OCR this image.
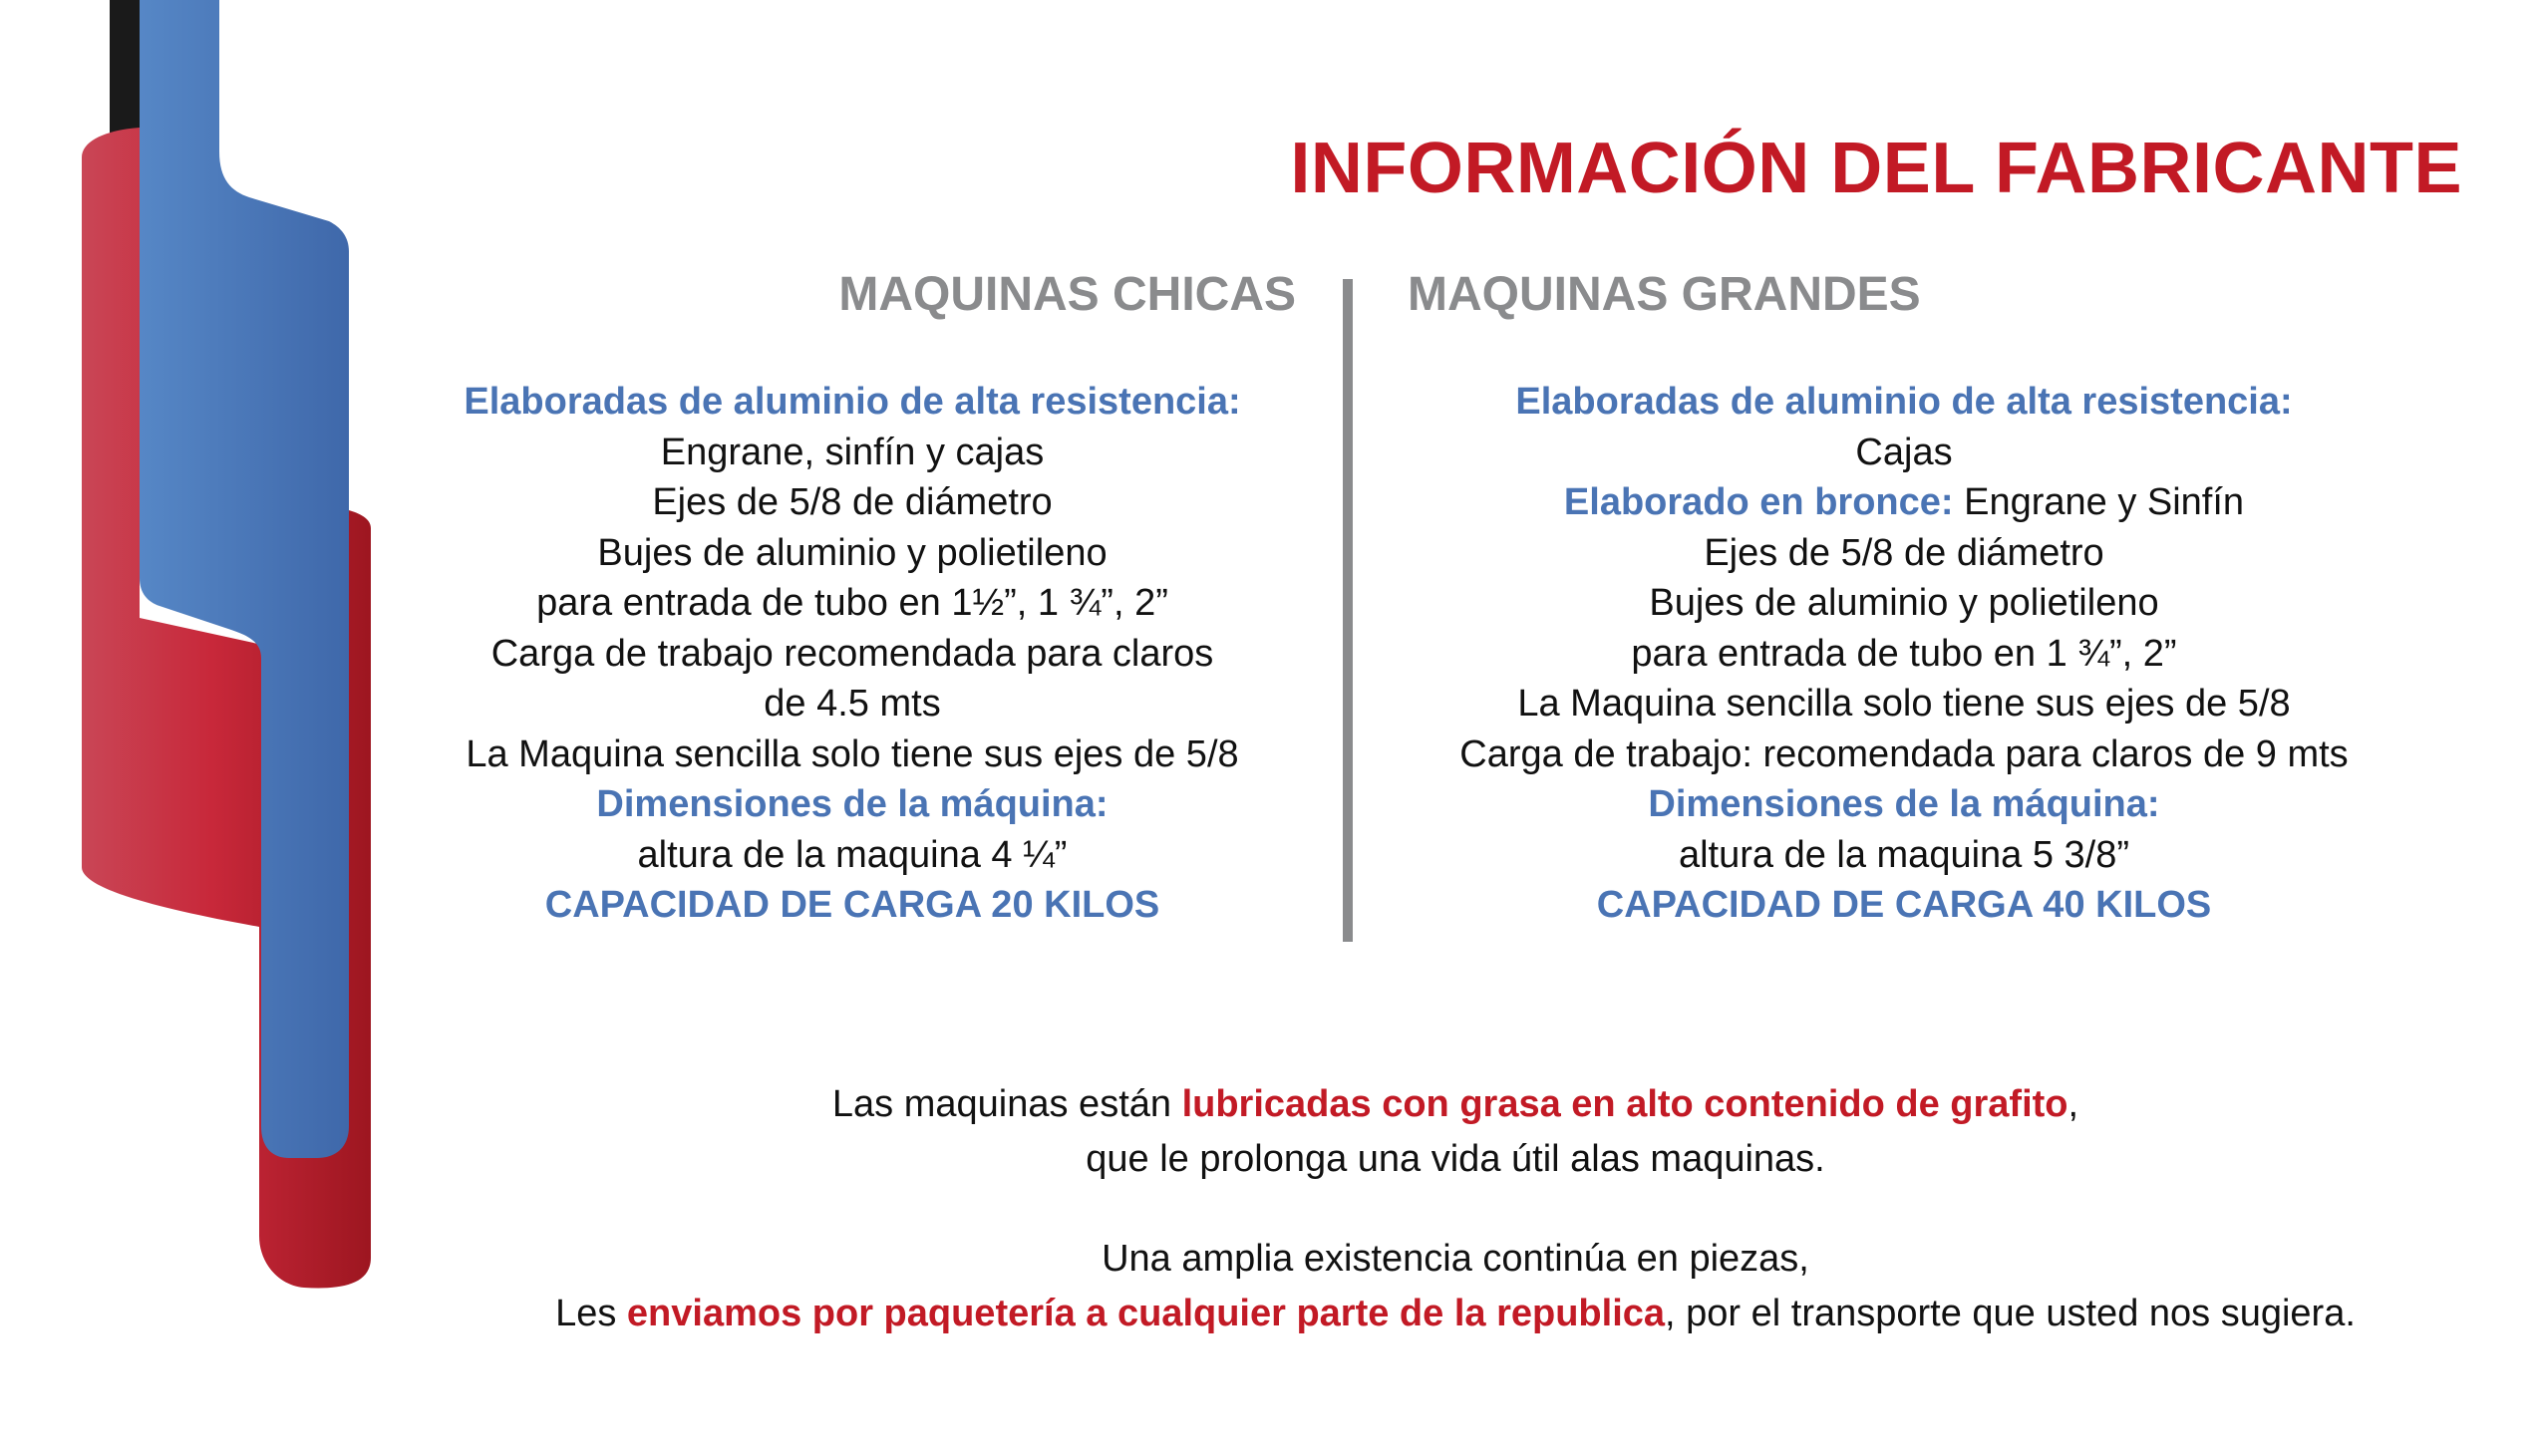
INFORMACIÓN DEL FABRICANTE
MAQUINAS CHICAS MAQUINAS GRANDES
Elaboradas de aluminio de alta resistencia:
Engrane, sinfín y cajas
Ejes de 5/8 de diámetro
Bujes de aluminio y polietileno
para entrada de tubo en 1½”, 1 ¾”, 2”
Carga de trabajo recomendada para claros
de 4.5 mts
La Maquina sencilla solo tiene sus ejes de 5/8
Dimensiones de la máquina:
altura de la maquina 4 ¼”
CAPACIDAD DE CARGA 20 KILOS
Elaboradas de aluminio de alta resistencia:
Cajas
Elaborado en bronce: Engrane y Sinfín
Ejes de 5/8 de diámetro
Bujes de aluminio y polietileno
para entrada de tubo en 1 ¾”, 2”
La Maquina sencilla solo tiene sus ejes de 5/8
Carga de trabajo: recomendada para claros de 9 mts
Dimensiones de la máquina:
altura de la maquina 5 3/8”
CAPACIDAD DE CARGA 40 KILOS
Las maquinas están lubricadas con grasa en alto contenido de grafito,
que le prolonga una vida útil alas maquinas.
Una amplia existencia continúa en piezas,
Les enviamos por paquetería a cualquier parte de la republica, por el transporte que usted nos sugiera.
